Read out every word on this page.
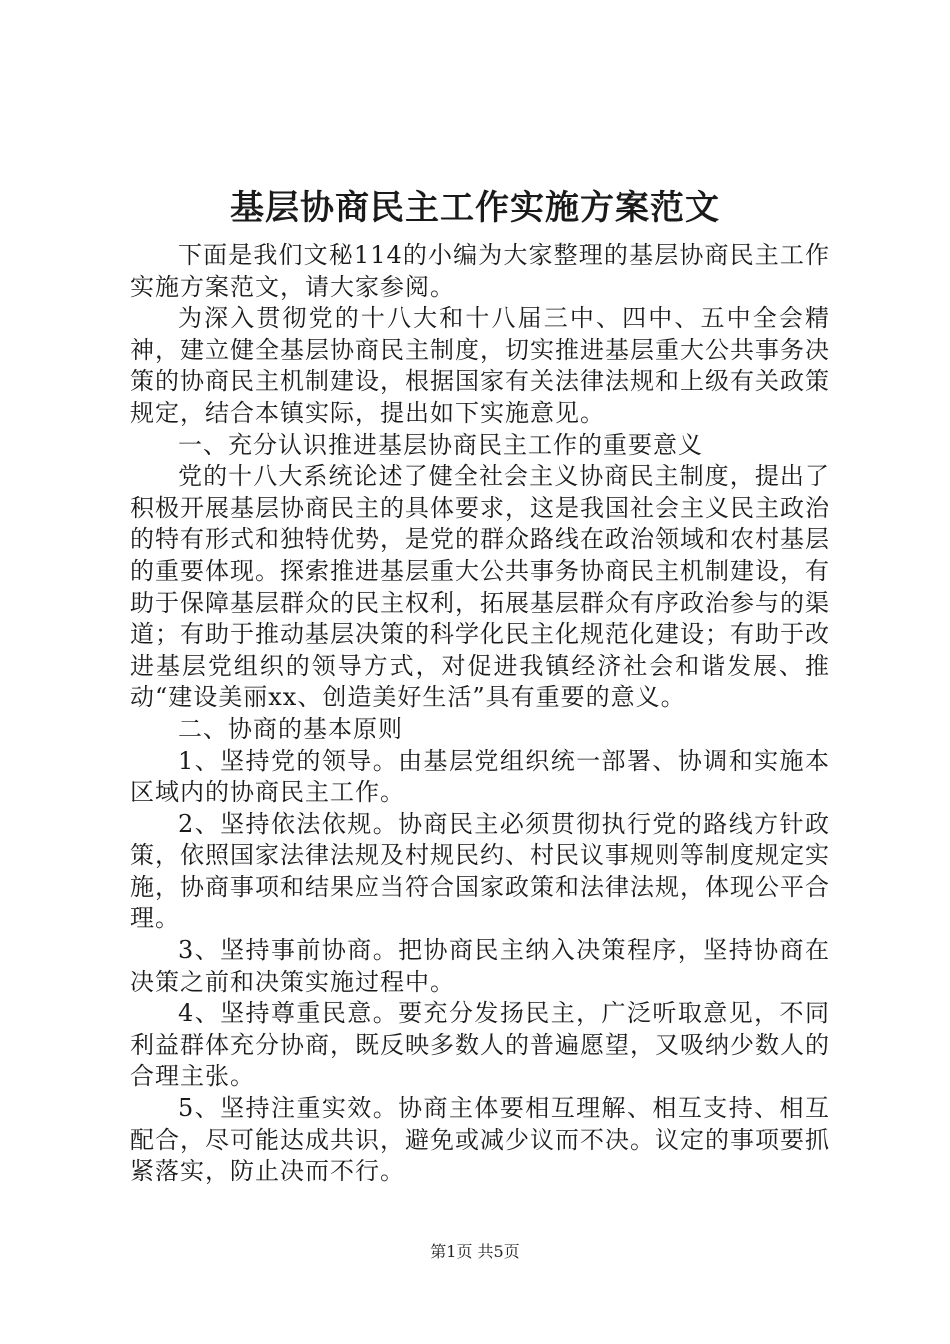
基层协商民主工作实施方案范文

下面是我们文秘114的小编为大家整理的基层协商民主工作实施方案范文，请大家参阅。

为深入贯彻党的十八大和十八届三中、四中、五中全会精神，建立健全基层协商民主制度，切实推进基层重大公共事务决策的协商民主机制建设，根据国家有关法律法规和上级有关政策规定，结合本镇实际，提出如下实施意见。

一、充分认识推进基层协商民主工作的重要意义

党的十八大系统论述了健全社会主义协商民主制度，提出了积极开展基层协商民主的具体要求，这是我国社会主义民主政治的特有形式和独特优势，是党的群众路线在政治领域和农村基层的重要体现。探索推进基层重大公共事务协商民主机制建设，有助于保障基层群众的民主权利，拓展基层群众有序政治参与的渠道；有助于推动基层决策的科学化民主化规范化建设；有助于改进基层党组织的领导方式，对促进我镇经济社会和谐发展、推动“建设美丽xx、创造美好生活”具有重要的意义。

二、协商的基本原则

1、坚持党的领导。由基层党组织统一部署、协调和实施本区域内的协商民主工作。

2、坚持依法依规。协商民主必须贯彻执行党的路线方针政策，依照国家法律法规及村规民约、村民议事规则等制度规定实施，协商事项和结果应当符合国家政策和法律法规，体现公平合理。

3、坚持事前协商。把协商民主纳入决策程序，坚持协商在决策之前和决策实施过程中。

4、坚持尊重民意。要充分发扬民主，广泛听取意见，不同利益群体充分协商，既反映多数人的普遍愿望，又吸纳少数人的合理主张。

5、坚持注重实效。协商主体要相互理解、相互支持、相互配合，尽可能达成共识，避免或减少议而不决。议定的事项要抓紧落实，防止决而不行。

第1页 共5页
